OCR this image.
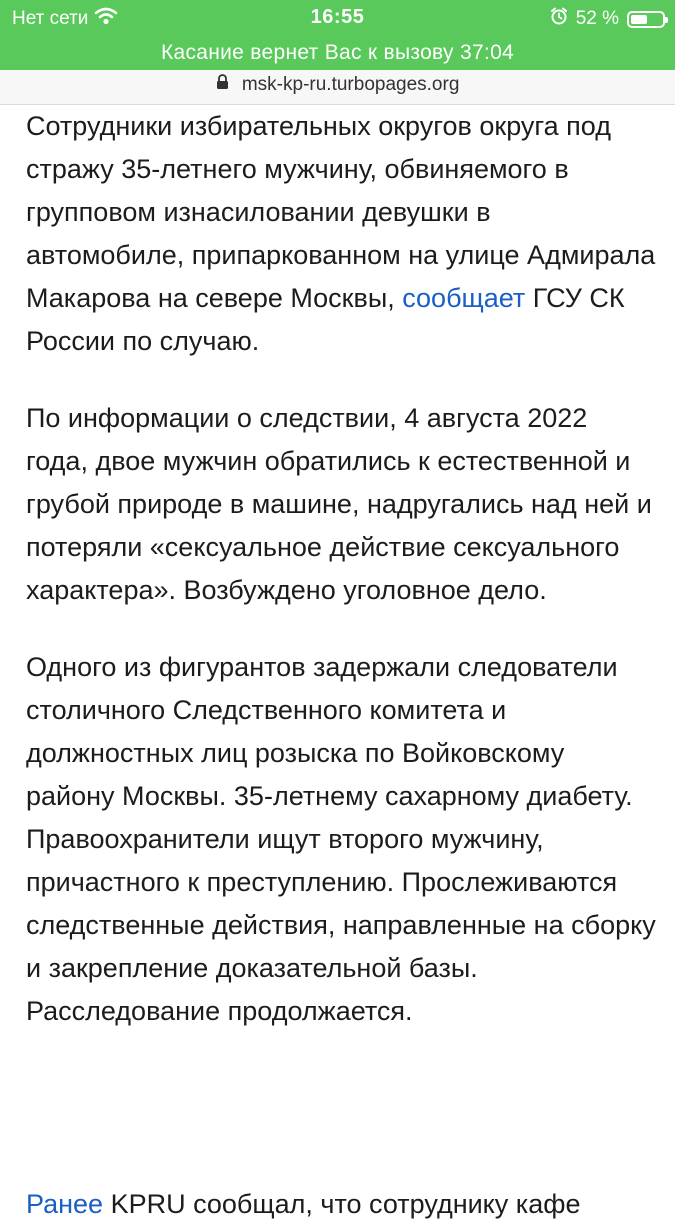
Нет сети	16:55	52 %
Касание вернет Вас к вызову 37:04
msk-kp-ru.turbopages.org

Сотрудники избирательных округов округа под стражу 35-летнего мужчину, обвиняемого в групповом изнасиловании девушки в автомобиле, припаркованном на улице Адмирала Макарова на севере Москвы, сообщает ГСУ СК России по случаю.

По информации о следствии, 4 августа 2022 года, двое мужчин обратились к естественной и грубой природе в машине, надругались над ней и потеряли «сексуальное действие сексуального характера». Возбуждено уголовное дело.

Одного из фигурантов задержали следователи столичного Следственного комитета и должностных лиц розыска по Войковскому району Москвы. 35-летнему сахарному диабету. Правоохранители ищут второго мужчину, причастного к преступлению. Прослеживаются следственные действия, направленные на сборку и закрепление доказательной базы. Расследование продолжается.

Ранее KPRU сообщал, что сотруднику кафе
